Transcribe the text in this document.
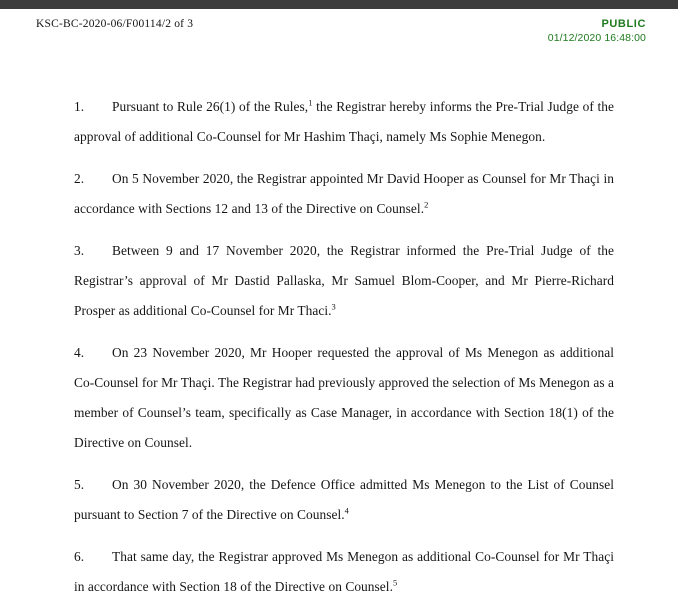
KSC-BC-2020-06/F00114/2 of 3	PUBLIC
01/12/2020 16:48:00

1. Pursuant to Rule 26(1) of the Rules,$^1$ the Registrar hereby informs the Pre-Trial Judge of the approval of additional Co-Counsel for Mr Hashim Thaçi, namely Ms Sophie Menegon.

2. On 5 November 2020, the Registrar appointed Mr David Hooper as Counsel for Mr Thaçi in accordance with Sections 12 and 13 of the Directive on Counsel.$^2$

3. Between 9 and 17 November 2020, the Registrar informed the Pre-Trial Judge of the Registrar’s approval of Mr Dastid Pallaska, Mr Samuel Blom-Cooper, and Mr Pierre-Richard Prosper as additional Co-Counsel for Mr Thaci.$^3$

4. On 23 November 2020, Mr Hooper requested the approval of Ms Menegon as additional Co-Counsel for Mr Thaçi. The Registrar had previously approved the selection of Ms Menegon as a member of Counsel’s team, specifically as Case Manager, in accordance with Section 18(1) of the Directive on Counsel.

5. On 30 November 2020, the Defence Office admitted Ms Menegon to the List of Counsel pursuant to Section 7 of the Directive on Counsel.$^4$

6. That same day, the Registrar approved Ms Menegon as additional Co-Counsel for Mr Thaçi in accordance with Section 18 of the Directive on Counsel.$^5$
